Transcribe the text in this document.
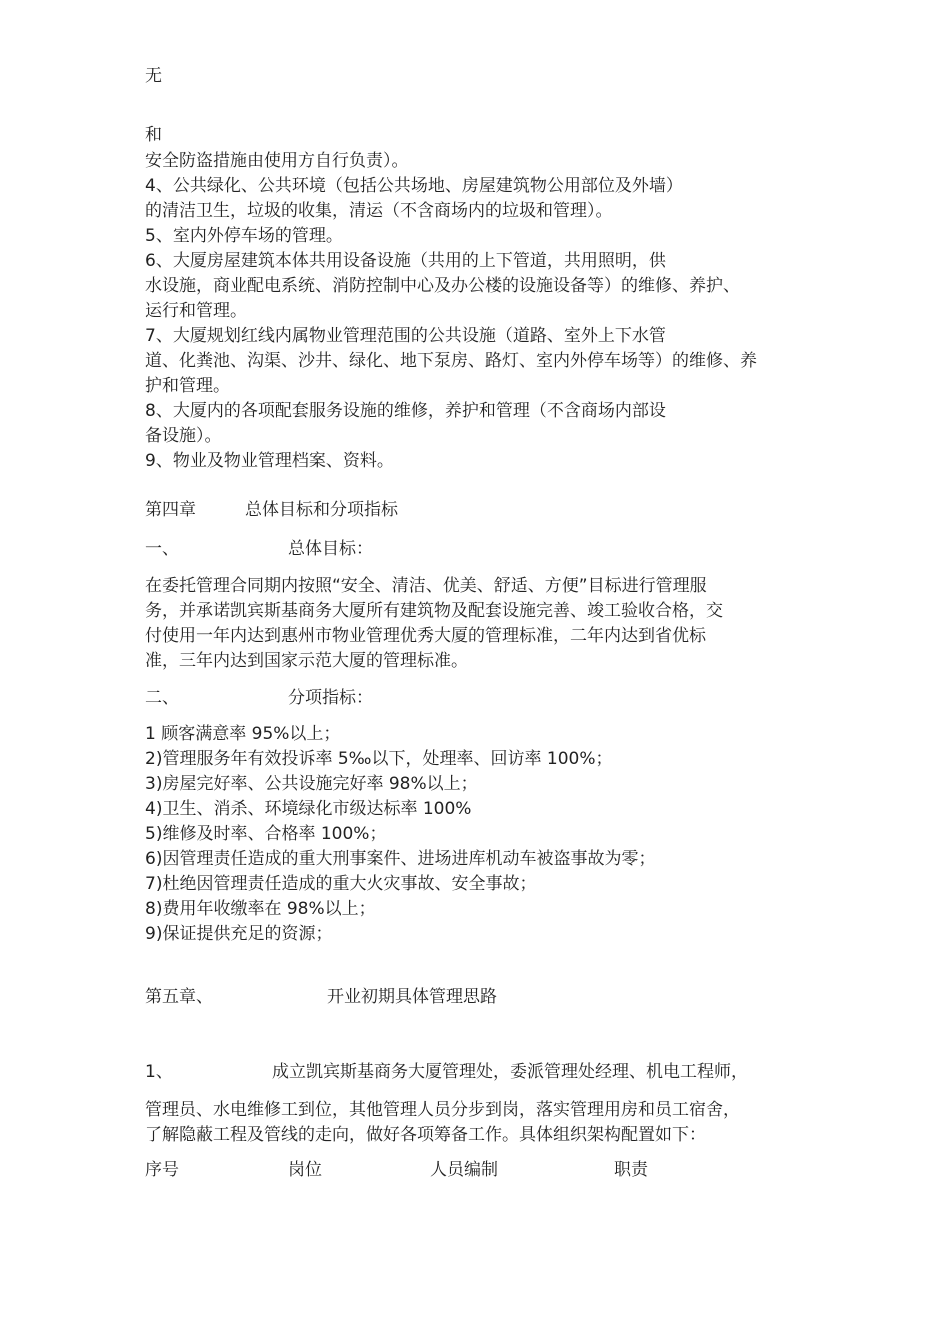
无
和
安全防盗措施由使用方自行负责）。
4、公共绿化、公共环境（包括公共场地、房屋建筑物公用部位及外墙）
的清洁卫生，垃圾的收集，清运（不含商场内的垃圾和管理）。
5、室内外停车场的管理。
6、大厦房屋建筑本体共用设备设施（共用的上下管道，共用照明，供
水设施，商业配电系统、消防控制中心及办公楼的设施设备等）的维修、养护、
运行和管理。
7、大厦规划红线内属物业管理范围的公共设施（道路、室外上下水管
道、化粪池、沟渠、沙井、绿化、地下泵房、路灯、室内外停车场等）的维修、养
护和管理。
8、大厦内的各项配套服务设施的维修，养护和管理（不含商场内部设
备设施）。
9、物业及物业管理档案、资料。
第四章	总体目标和分项指标
一、	总体目标：
在委托管理合同期内按照“安全、清洁、优美、舒适、方便”目标进行管理服
务，并承诺凯宾斯基商务大厦所有建筑物及配套设施完善、竣工验收合格，交
付使用一年内达到惠州市物业管理优秀大厦的管理标准，二年内达到省优标
准，三年内达到国家示范大厦的管理标准。
二、	分项指标：
1 顾客满意率 95%以上；
2)管理服务年有效投诉率 5‰以下，处理率、回访率 100%；
3)房屋完好率、公共设施完好率 98%以上；
4)卫生、消杀、环境绿化市级达标率 100%
5)维修及时率、合格率 100%；
6)因管理责任造成的重大刑事案件、进场进库机动车被盗事故为零；
7)杜绝因管理责任造成的重大火灾事故、安全事故；
8)费用年收缴率在 98%以上；
9)保证提供充足的资源；
第五章、	开业初期具体管理思路
1、	成立凯宾斯基商务大厦管理处，委派管理处经理、机电工程师，
管理员、水电维修工到位，其他管理人员分步到岗，落实管理用房和员工宿舍，
了解隐蔽工程及管线的走向，做好各项筹备工作。具体组织架构配置如下：
序号	岗位	人员编制	职责
